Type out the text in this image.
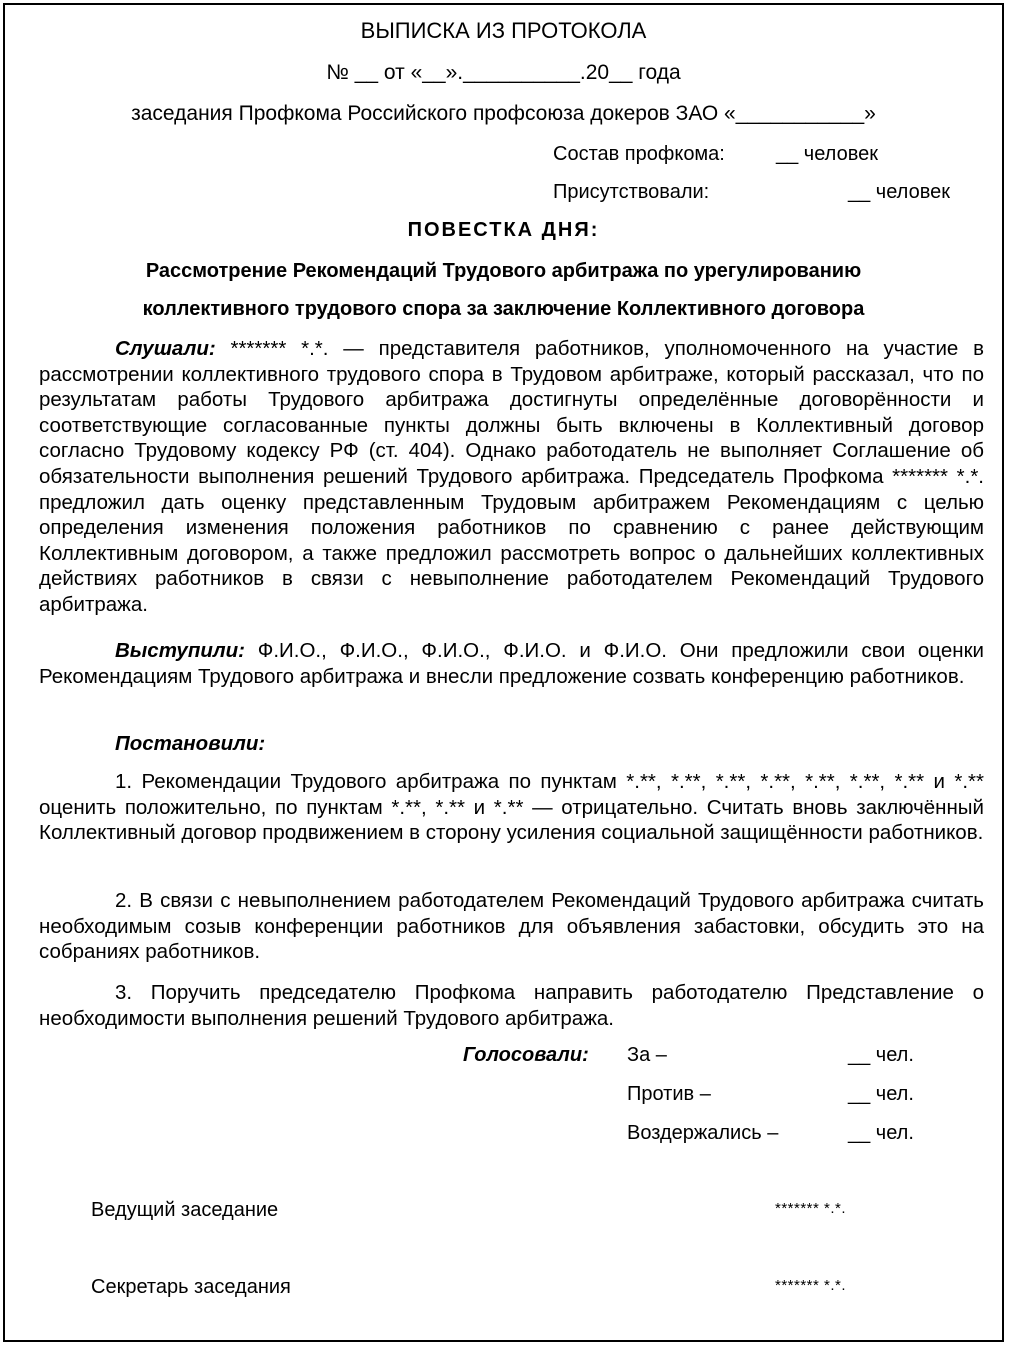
ВЫПИСКА ИЗ ПРОТОКОЛА
№ __ от «__».__________.20__ года
заседания Профкома Российского профсоюза докеров ЗАО «___________»
Состав профкома:	__ человек
Присутствовали:	__ человек
ПОВЕСТКА ДНЯ:
Рассмотрение Рекомендаций Трудового арбитража по урегулированию
коллективного трудового спора за заключение Коллективного договора
Слушали: ******* *.*. — представителя работников, уполномоченного на участие в рассмотрении коллективного трудового спора в Трудовом арбитраже, который рассказал, что по результатам работы Трудового арбитража достигнуты определённые договорённости и соответствующие согласованные пункты должны быть включены в Коллективный договор согласно Трудовому кодексу РФ (ст. 404). Однако работодатель не выполняет Соглашение об обязательности выполнения решений Трудового арбитража. Председатель Профкома ******* *.*. предложил дать оценку представленным Трудовым арбитражем Рекомендациям с целью определения изменения положения работников по сравнению с ранее действующим Коллективным договором, а также предложил рассмотреть вопрос о дальнейших коллективных действиях работников в связи с невыполнение работодателем Рекомендаций Трудового арбитража.
Выступили: Ф.И.О., Ф.И.О., Ф.И.О., Ф.И.О. и Ф.И.О. Они предложили свои оценки Рекомендациям Трудового арбитража и внесли предложение созвать конференцию работников.
Постановили:
1. Рекомендации Трудового арбитража по пунктам *.**, *.**, *.**, *.**, *.**, *.**, *.** и *.** оценить положительно, по пунктам *.**, *.** и *.** — отрицательно. Считать вновь заключённый Коллективный договор продвижением в сторону усиления социальной защищённости работников.
2. В связи с невыполнением работодателем Рекомендаций Трудового арбитража считать необходимым созыв конференции работников для объявления забастовки, обсудить это на собраниях работников.
3. Поручить председателю Профкома направить работодателю Представление о необходимости выполнения решений Трудового арбитража.
Голосовали: За –	__ чел.
Против –	__ чел.
Воздержались –	__ чел.
Ведущий заседание	******* *.*.
Секретарь заседания	******* *.*.
